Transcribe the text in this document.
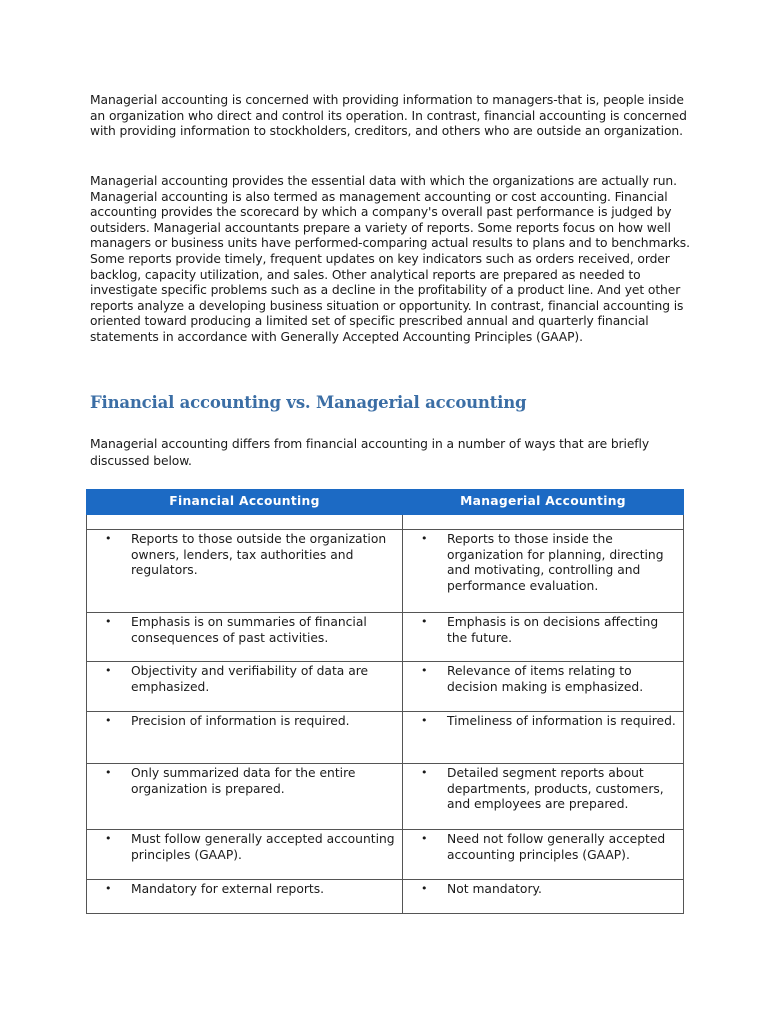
Managerial accounting is concerned with providing information to managers-that is, people inside an organization who direct and control its operation. In contrast, financial accounting is concerned with providing information to stockholders, creditors, and others who are outside an organization.

Managerial accounting provides the essential data with which the organizations are actually run. Managerial accounting is also termed as management accounting or cost accounting. Financial accounting provides the scorecard by which a company's overall past performance is judged by outsiders. Managerial accountants prepare a variety of reports. Some reports focus on how well managers or business units have performed-comparing actual results to plans and to benchmarks. Some reports provide timely, frequent updates on key indicators such as orders received, order backlog, capacity utilization, and sales. Other analytical reports are prepared as needed to investigate specific problems such as a decline in the profitability of a product line. And yet other reports analyze a developing business situation or opportunity. In contrast, financial accounting is oriented toward producing a limited set of specific prescribed annual and quarterly financial statements in accordance with Generally Accepted Accounting Principles (GAAP).

Financial accounting vs. Managerial accounting

Managerial accounting differs from financial accounting in a number of ways that are briefly discussed below.

Financial Accounting	Managerial Accounting

• Reports to those outside the organization owners, lenders, tax authorities and regulators.	• Reports to those inside the organization for planning, directing and motivating, controlling and performance evaluation.

• Emphasis is on summaries of financial consequences of past activities.	• Emphasis is on decisions affecting the future.

• Objectivity and verifiability of data are emphasized.	• Relevance of items relating to decision making is emphasized.

• Precision of information is required.	• Timeliness of information is required.

• Only summarized data for the entire organization is prepared.	• Detailed segment reports about departments, products, customers, and employees are prepared.

• Must follow generally accepted accounting principles (GAAP).	• Need not follow generally accepted accounting principles (GAAP).

• Mandatory for external reports.	• Not mandatory.
